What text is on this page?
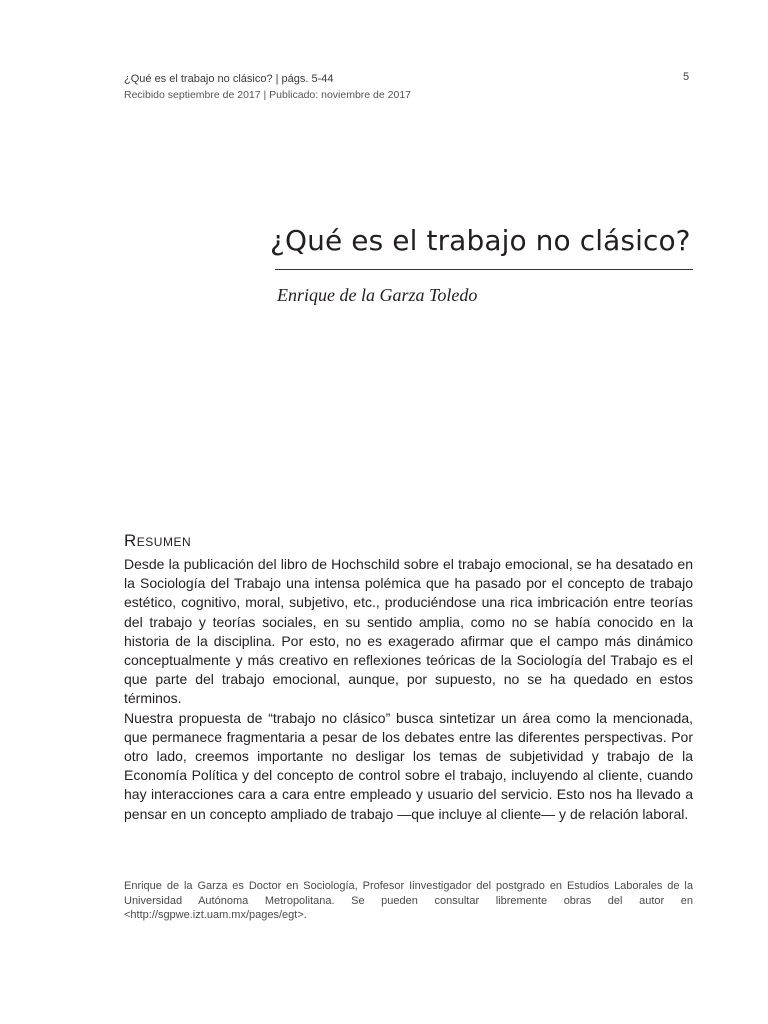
¿Qué es el trabajo no clásico? | págs. 5-44
Recibido septiembre de 2017 | Publicado: noviembre de 2017
5
¿Qué es el trabajo no clásico?
Enrique de la Garza Toledo
Resumen

Desde la publicación del libro de Hochschild sobre el trabajo emocional, se ha desatado en la Sociología del Trabajo una intensa polémica que ha pasado por el concepto de trabajo estético, cognitivo, moral, subjetivo, etc., produciéndose una rica imbricación entre teorías del trabajo y teorías sociales, en su sentido amplia, como no se había conocido en la historia de la disciplina. Por esto, no es exagerado afirmar que el campo más dinámico conceptualmente y más creativo en reflexiones teóricas de la Sociología del Trabajo es el que parte del trabajo emocional, aunque, por supuesto, no se ha quedado en estos términos.

Nuestra propuesta de “trabajo no clásico” busca sintetizar un área como la mencionada, que permanece fragmentaria a pesar de los debates entre las diferentes perspectivas. Por otro lado, creemos importante no desligar los temas de subjetividad y trabajo de la Economía Política y del concepto de control sobre el trabajo, incluyendo al cliente, cuando hay interacciones cara a cara entre empleado y usuario del servicio. Esto nos ha llevado a pensar en un concepto ampliado de trabajo —que incluye al cliente— y de relación laboral.

Enrique de la Garza es Doctor en Sociología, Profesor Iinvestigador del postgrado en Estudios Laborales de la Universidad Autónoma Metropolitana. Se pueden consultar libremente obras del autor en <http://sgpwe.izt.uam.mx/pages/egt>.
